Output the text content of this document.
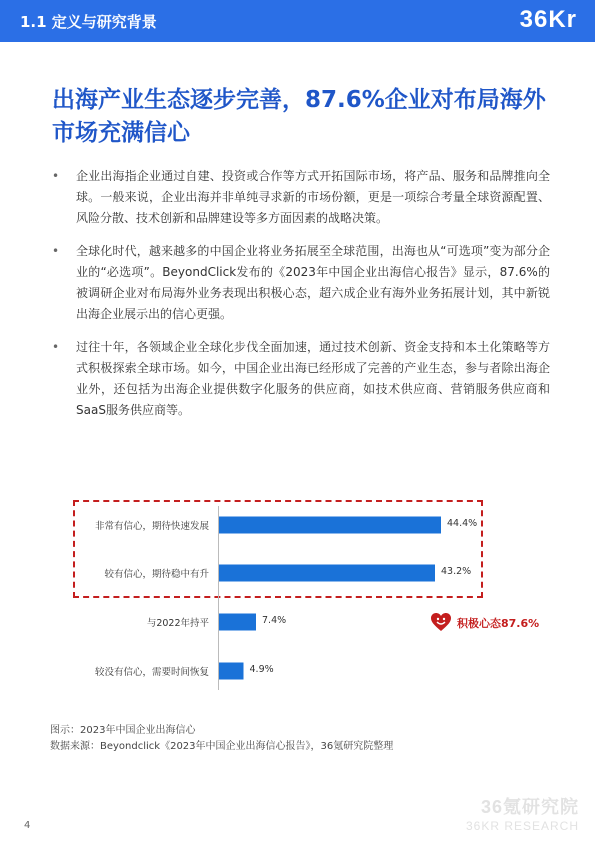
1.1 定义与研究背景	36Kr
出海产业生态逐步完善，87.6%企业对布局海外市场充满信心
• 企业出海指企业通过自建、投资或合作等方式开拓国际市场，将产品、服务和品牌推向全球。一般来说，企业出海并非单纯寻求新的市场份额，更是一项综合考量全球资源配置、风险分散、技术创新和品牌建设等多方面因素的战略决策。
• 全球化时代，越来越多的中国企业将业务拓展至全球范围，出海也从“可选项”变为部分企业的“必选项”。BeyondClick发布的《2023年中国企业出海信心报告》显示，87.6%的被调研企业对布局海外业务表现出积极心态，超六成企业有海外业务拓展计划，其中新锐出海企业展示出的信心更强。
• 过往十年，各领域企业全球化步伐全面加速，通过技术创新、资金支持和本土化策略等方式积极探索全球市场。如今，中国企业出海已经形成了完善的产业生态，参与者除出海企业外，还包括为出海企业提供数字化服务的供应商，如技术供应商、营销服务供应商和SaaS服务供应商等。
积极心态87.6%
非常有信心，期待快速发展	44.4%
较有信心，期待稳中有升	43.2%
与2022年持平	7.4%
较没有信心，需要时间恢复	4.9%
图示：2023年中国企业出海信心
数据来源：Beyondclick《2023年中国企业出海信心报告》，36氪研究院整理
4
36氪研究院
36KR RESEARCH
